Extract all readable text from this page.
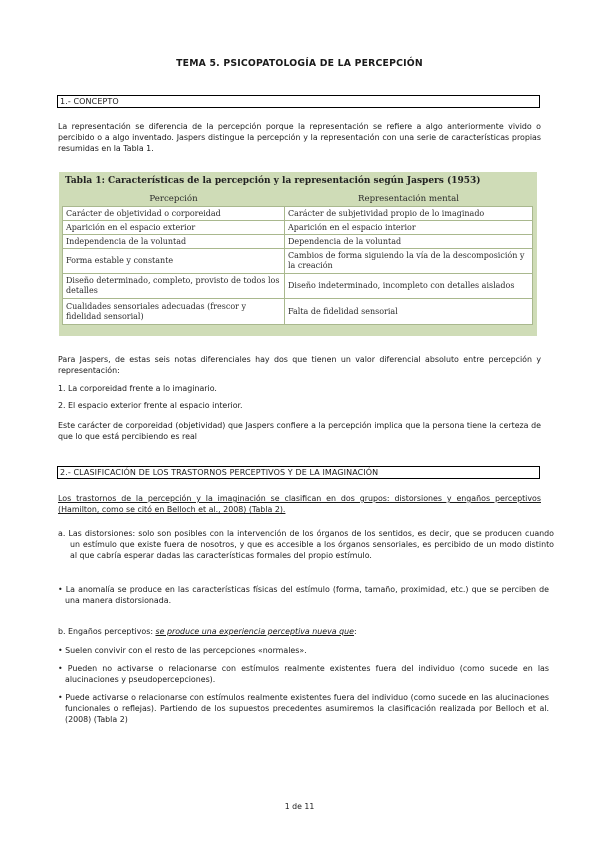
TEMA 5. PSICOPATOLOGÍA DE LA PERCEPCIÓN
1.- CONCEPTO

La representación se diferencia de la percepción porque la representación se refiere a algo anteriormente vivido o percibido o a algo inventado. Jaspers distingue la percepción y la representación con una serie de características propias resumidas en la Tabla 1.

Tabla 1: Características de la percepción y la representación según Jaspers (1953)
Percepción	Representación mental
Carácter de objetividad o corporeidad	Carácter de subjetividad propio de lo imaginado
Aparición en el espacio exterior	Aparición en el espacio interior
Independencia de la voluntad	Dependencia de la voluntad
Forma estable y constante	Cambios de forma siguiendo la vía de la descomposición y la creación
Diseño determinado, completo, provisto de todos los detalles	Diseño indeterminado, incompleto con detalles aislados
Cualidades sensoriales adecuadas (frescor y fidelidad sensorial)	Falta de fidelidad sensorial

Para Jaspers, de estas seis notas diferenciales hay dos que tienen un valor diferencial absoluto entre percepción y representación:

1. La corporeidad frente a lo imaginario.

2. El espacio exterior frente al espacio interior.

Este carácter de corporeidad (objetividad) que Jaspers confiere a la percepción implica que la persona tiene la certeza de que lo que está percibiendo es real

2.- CLASIFICACIÓN DE LOS TRASTORNOS PERCEPTIVOS Y DE LA IMAGINACIÓN

Los trastornos de la percepción y la imaginación se clasifican en dos grupos: distorsiones y engaños perceptivos (Hamilton, como se citó en Belloch et al., 2008) (Tabla 2).

a. Las distorsiones: solo son posibles con la intervención de los órganos de los sentidos, es decir, que se producen cuando un estímulo que existe fuera de nosotros, y que es accesible a los órganos sensoriales, es percibido de un modo distinto al que cabría esperar dadas las características formales del propio estímulo.

• La anomalía se produce en las características físicas del estímulo (forma, tamaño, proximidad, etc.) que se perciben de una manera distorsionada.

b. Engaños perceptivos: se produce una experiencia perceptiva nueva que:

• Suelen convivir con el resto de las percepciones «normales».

• Pueden no activarse o relacionarse con estímulos realmente existentes fuera del individuo (como sucede en las alucinaciones y pseudopercepciones).

• Puede activarse o relacionarse con estímulos realmente existentes fuera del individuo (como sucede en las alucinaciones funcionales o reflejas). Partiendo de los supuestos precedentes asumiremos la clasificación realizada por Belloch et al. (2008) (Tabla 2)

1 de 11
